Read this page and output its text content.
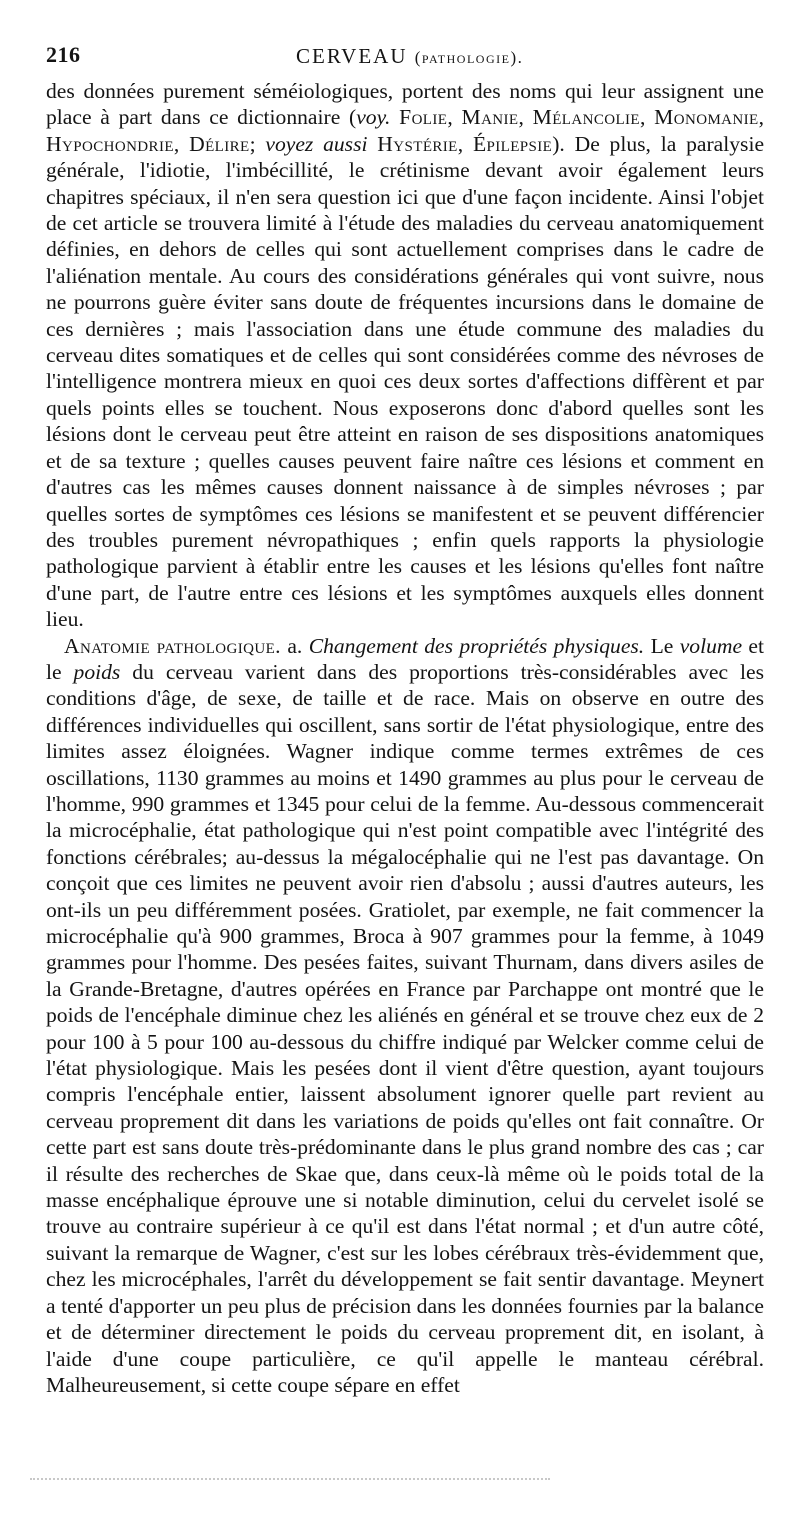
216	CERVEAU (pathologie).

des données purement séméiologiques, portent des noms qui leur assignent une place à part dans ce dictionnaire (voy. Folie, Manie, Mélancolie, Monomanie, Hypochondrie, Délire; voyez aussi Hystérie, Épilepsie). De plus, la paralysie générale, l'idiotie, l'imbécillité, le crétinisme devant avoir également leurs chapitres spéciaux, il n'en sera question ici que d'une façon incidente. Ainsi l'objet de cet article se trouvera limité à l'étude des maladies du cerveau anatomiquement définies, en dehors de celles qui sont actuellement comprises dans le cadre de l'aliénation mentale. Au cours des considérations générales qui vont suivre, nous ne pourrons guère éviter sans doute de fréquentes incursions dans le domaine de ces dernières ; mais l'association dans une étude commune des maladies du cerveau dites somatiques et de celles qui sont considérées comme des névroses de l'intelligence montrera mieux en quoi ces deux sortes d'affections diffèrent et par quels points elles se touchent. Nous exposerons donc d'abord quelles sont les lésions dont le cerveau peut être atteint en raison de ses dispositions anatomiques et de sa texture ; quelles causes peuvent faire naître ces lésions et comment en d'autres cas les mêmes causes donnent naissance à de simples névroses ; par quelles sortes de symptômes ces lésions se manifestent et se peuvent différencier des troubles purement névropathiques ; enfin quels rapports la physiologie pathologique parvient à établir entre les causes et les lésions qu'elles font naître d'une part, de l'autre entre ces lésions et les symptômes auxquels elles donnent lieu.

Anatomie pathologique. a. Changement des propriétés physiques. Le volume et le poids du cerveau varient dans des proportions très-considérables avec les conditions d'âge, de sexe, de taille et de race. Mais on observe en outre des différences individuelles qui oscillent, sans sortir de l'état physiologique, entre des limites assez éloignées. Wagner indique comme termes extrêmes de ces oscillations, 1130 grammes au moins et 1490 grammes au plus pour le cerveau de l'homme, 990 grammes et 1345 pour celui de la femme. Au-dessous commencerait la microcéphalie, état pathologique qui n'est point compatible avec l'intégrité des fonctions cérébrales; au-dessus la mégalocéphalie qui ne l'est pas davantage. On conçoit que ces limites ne peuvent avoir rien d'absolu ; aussi d'autres auteurs, les ont-ils un peu différemment posées. Gratiolet, par exemple, ne fait commencer la microcéphalie qu'à 900 grammes, Broca à 907 grammes pour la femme, à 1049 grammes pour l'homme. Des pesées faites, suivant Thurnam, dans divers asiles de la Grande-Bretagne, d'autres opérées en France par Parchappe ont montré que le poids de l'encéphale diminue chez les aliénés en général et se trouve chez eux de 2 pour 100 à 5 pour 100 au-dessous du chiffre indiqué par Welcker comme celui de l'état physiologique. Mais les pesées dont il vient d'être question, ayant toujours compris l'encéphale entier, laissent absolument ignorer quelle part revient au cerveau proprement dit dans les variations de poids qu'elles ont fait connaître. Or cette part est sans doute très-prédominante dans le plus grand nombre des cas ; car il résulte des recherches de Skae que, dans ceux-là même où le poids total de la masse encéphalique éprouve une si notable diminution, celui du cervelet isolé se trouve au contraire supérieur à ce qu'il est dans l'état normal ; et d'un autre côté, suivant la remarque de Wagner, c'est sur les lobes cérébraux très-évidemment que, chez les microcéphales, l'arrêt du développement se fait sentir davantage. Meynert a tenté d'apporter un peu plus de précision dans les données fournies par la balance et de déterminer directement le poids du cerveau proprement dit, en isolant, à l'aide d'une coupe particulière, ce qu'il appelle le manteau cérébral. Malheureusement, si cette coupe sépare en effet
